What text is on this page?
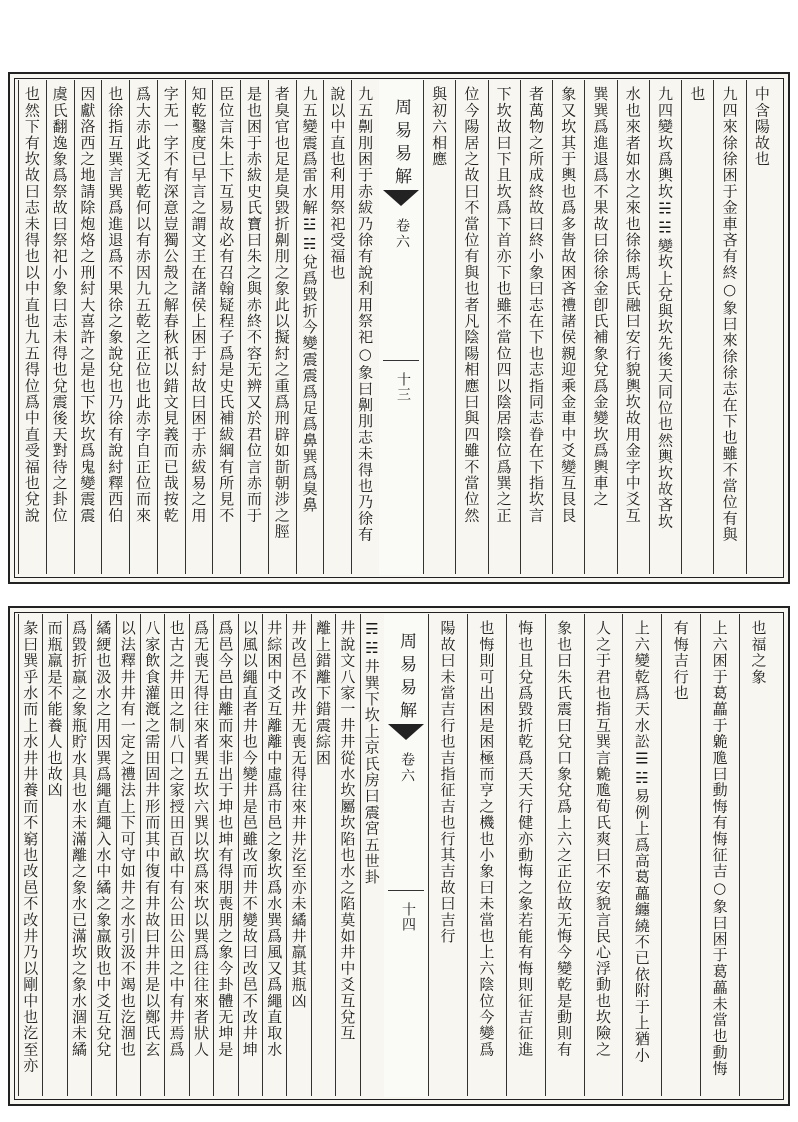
中含陽故也
九四來徐徐困于金車吝有終○象曰來徐徐志在下也雖不當位有與
也
九四變坎爲輿坎☵☵變坎上兌與坎先後天同位也然輿坎故吝坎
水也來者如水之來也徐徐馬氏融曰安行貌輿坎故用金字中爻互
巽巽爲進退爲不果故曰徐徐金卽氏補象兌爲金變坎爲輿車之
象又坎其于輿也爲多眚故困吝禮諸侯親迎乘金車中爻變互艮艮
者萬物之所成終故曰終小象曰志在下也志指同志眷在下指坎言
下坎故曰下且坎爲下首亦下也雖不當位四以陰居陰位爲巽之正
位今陽居之故曰不當位有與也者凡陰陽相應曰與四雖不當位然
與初六相應
周易易解
卷六
十三
九五劓刖困于赤紱乃徐有說利用祭祀○象曰劓刖志未得也乃徐有
說以中直也利用祭祀受福也
九五變震爲雷水解☳☵兌爲毀折今變震震爲足爲鼻巽爲臭鼻
者臭官也足是臭毀折劓刖之象此以擬紂之重爲刑辟如斮朝涉之脛
是也困于赤紱史氏寶曰朱之與赤終不容无辨又於君位言赤而于
臣位言朱上下互易故必有召翰疑程子爲是史氏補紱綱有所見不
知乾鑿度已早言之謂文王在諸侯上困于紂故曰困于赤紱易之用
字无一字不有深意豈獨公殼之解春秋祇以錯文見義而已哉按乾
爲大赤此爻无乾何以有赤因九五乾之正位也此赤字自正位而來
也徐指互巽言巽爲進退爲不果徐之象說兌也乃徐有說紂釋西伯
因獻洛西之地請除炮烙之刑紂大喜許之是也下坎坎爲鬼變震震
虞氏翻逸象爲祭故曰祭祀小象曰志未得也兌震後天對待之卦位
也然下有坎故曰志未得也以中直也九五得位爲中直受福也兌說
也福之象
上六困于葛藟于臲卼曰動悔有悔征吉○象曰困于葛藟未當也動悔
有悔吉行也
上六變乾爲天水訟☰☵易例上爲高葛藟纏繞不已依附于上猶小
人之于君也指互巽言臲卼荀氏爽曰不安貌言民心浮動也坎險之
象也曰朱氏震曰兌口象兌爲上六之正位故无悔今變乾是動則有
悔也且兌爲毀折乾爲天天行健亦動悔之象若能有悔則征吉征進
也悔則可出困是困極而亨之機也小象曰未當也上六陰位今變爲
陽故曰未當吉行也吉指征吉也行其吉故曰吉行
周易易解
卷六
十四
☴☵井巽下坎上京氏房曰震宮五世卦
井說文八家一井井從水坎屬坎陷也水之陷莫如井中爻互兌互
離上錯離下錯震綜困
井改邑不改井无喪无得往來井井汔至亦未繘井羸其瓶凶
井綜困中爻互離離中虛爲市邑之象坎爲水巽爲風又爲繩直取水
以風以繩直者井也今變井是邑雖改而井不變故曰改邑不改井坤
爲邑今邑由離而來非出于坤也坤有得朋喪朋之象今卦體无坤是
爲无喪无得往來者巽五坎六巽以坎爲來坎以巽爲往往來者狀人
也古之井田之制八口之家授田百畝中有公田公田之中有井焉爲
八家飲食灌漑之需田固井形而其中復有井故曰井井是以鄭氏玄
以法釋井井有一定之禮法上下可守如井之水引汲不竭也汔涸也
繘綆也汲水之用因巽爲繩直繩入水中繘之象羸敗也中爻互兌兌
爲毀折羸之象瓶貯水具也水未滿離之象水已滿坎之象水涸未繘
而瓶羸是不能養人也故凶
彖曰巽乎水而上水井井養而不窮也改邑不改井乃以剛中也汔至亦
